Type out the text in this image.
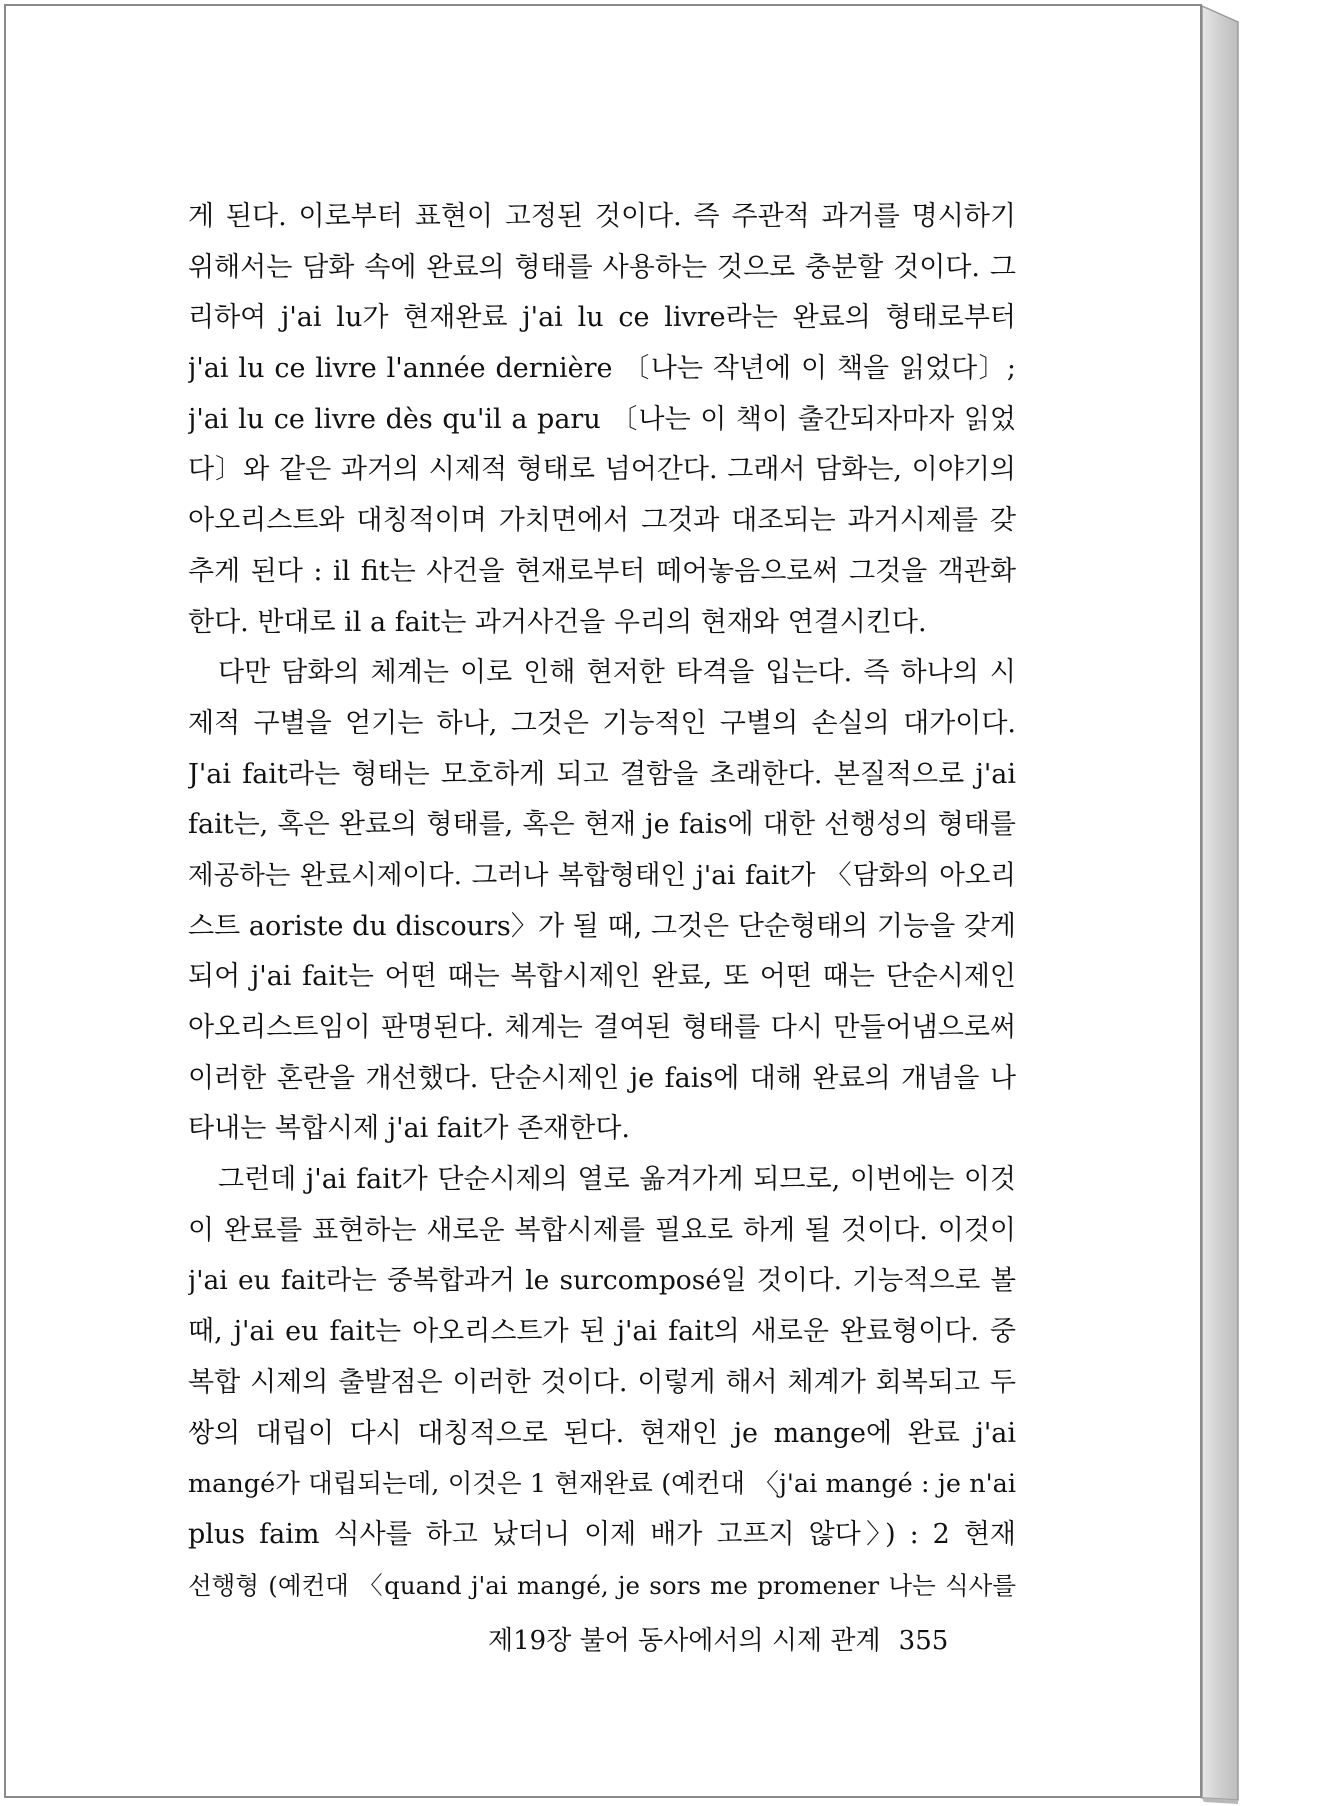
게 된다. 이로부터 표현이 고정된 것이다. 즉 주관적 과거를 명시하기
위해서는 담화 속에 완료의 형태를 사용하는 것으로 충분할 것이다. 그
리하여 j'ai lu가 현재완료 j'ai lu ce livre라는 완료의 형태로부터
j'ai lu ce livre l'année dernière 〔나는 작년에 이 책을 읽었다〕;
j'ai lu ce livre dès qu'il a paru 〔나는 이 책이 출간되자마자 읽었
다〕와 같은 과거의 시제적 형태로 넘어간다. 그래서 담화는, 이야기의
아오리스트와 대칭적이며 가치면에서 그것과 대조되는 과거시제를 갖
추게 된다 : il fit는 사건을 현재로부터 떼어놓음으로써 그것을 객관화
한다. 반대로 il a fait는 과거사건을 우리의 현재와 연결시킨다.
다만 담화의 체계는 이로 인해 현저한 타격을 입는다. 즉 하나의 시
제적 구별을 얻기는 하나, 그것은 기능적인 구별의 손실의 대가이다.
J'ai fait라는 형태는 모호하게 되고 결함을 초래한다. 본질적으로 j'ai
fait는, 혹은 완료의 형태를, 혹은 현재 je fais에 대한 선행성의 형태를
제공하는 완료시제이다. 그러나 복합형태인 j'ai fait가 〈담화의 아오리
스트 aoriste du discours〉가 될 때, 그것은 단순형태의 기능을 갖게
되어 j'ai fait는 어떤 때는 복합시제인 완료, 또 어떤 때는 단순시제인
아오리스트임이 판명된다. 체계는 결여된 형태를 다시 만들어냄으로써
이러한 혼란을 개선했다. 단순시제인 je fais에 대해 완료의 개념을 나
타내는 복합시제 j'ai fait가 존재한다.
그런데 j'ai fait가 단순시제의 열로 옮겨가게 되므로, 이번에는 이것
이 완료를 표현하는 새로운 복합시제를 필요로 하게 될 것이다. 이것이
j'ai eu fait라는 중복합과거 le surcomposé일 것이다. 기능적으로 볼
때, j'ai eu fait는 아오리스트가 된 j'ai fait의 새로운 완료형이다. 중
복합 시제의 출발점은 이러한 것이다. 이렇게 해서 체계가 회복되고 두
쌍의 대립이 다시 대칭적으로 된다. 현재인 je mange에 완료 j'ai
mangé가 대립되는데, 이것은 1 현재완료 (예컨대 〈j'ai mangé : je n'ai
plus faim 식사를 하고 났더니 이제 배가 고프지 않다〉) : 2 현재
선행형 (예컨대 〈quand j'ai mangé, je sors me promener 나는 식사를
제19장 불어 동사에서의 시제 관계 355
